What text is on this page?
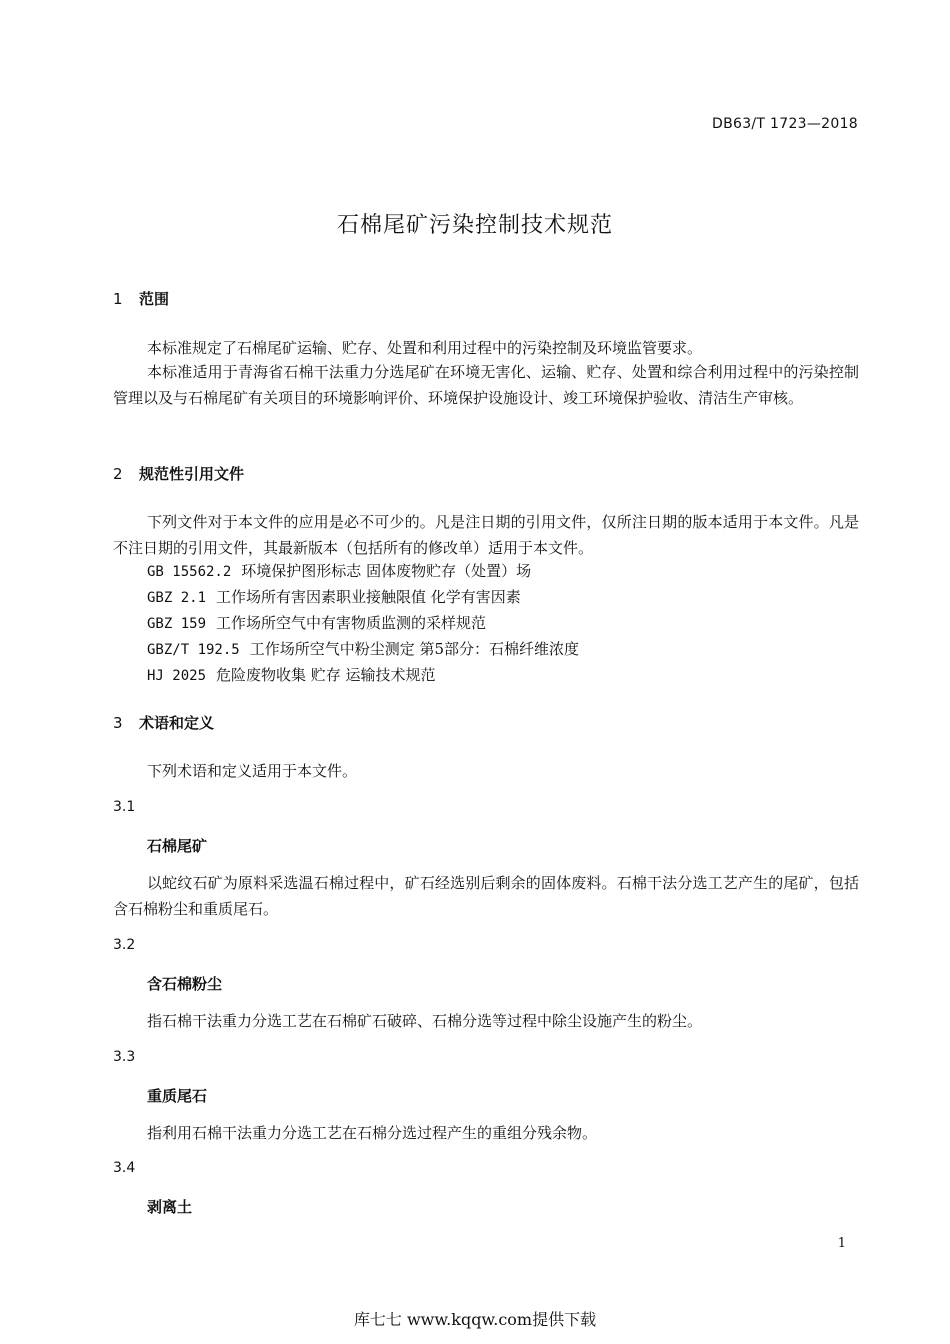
DB63/T 1723—2018
石棉尾矿污染控制技术规范
1 范围

本标准规定了石棉尾矿运输、贮存、处置和利用过程中的污染控制及环境监管要求。

本标准适用于青海省石棉干法重力分选尾矿在环境无害化、运输、贮存、处置和综合利用过程中的污染控制管理以及与石棉尾矿有关项目的环境影响评价、环境保护设施设计、竣工环境保护验收、清洁生产审核。

2 规范性引用文件

下列文件对于本文件的应用是必不可少的。凡是注日期的引用文件，仅所注日期的版本适用于本文件。凡是不注日期的引用文件，其最新版本（包括所有的修改单）适用于本文件。

GB 15562.2 环境保护图形标志 固体废物贮存（处置）场
GBZ 2.1 工作场所有害因素职业接触限值 化学有害因素
GBZ 159 工作场所空气中有害物质监测的采样规范
GBZ/T 192.5 工作场所空气中粉尘测定 第5部分：石棉纤维浓度
HJ 2025 危险废物收集 贮存 运输技术规范
3 术语和定义

下列术语和定义适用于本文件。

3.1
石棉尾矿

以蛇纹石矿为原料采选温石棉过程中，矿石经选别后剩余的固体废料。石棉干法分选工艺产生的尾矿，包括含石棉粉尘和重质尾石。

3.2
含石棉粉尘

指石棉干法重力分选工艺在石棉矿石破碎、石棉分选等过程中除尘设施产生的粉尘。

3.3
重质尾石

指利用石棉干法重力分选工艺在石棉分选过程产生的重组分残余物。

3.4
剥离土
1
库七七 www.kqqw.com提供下载
